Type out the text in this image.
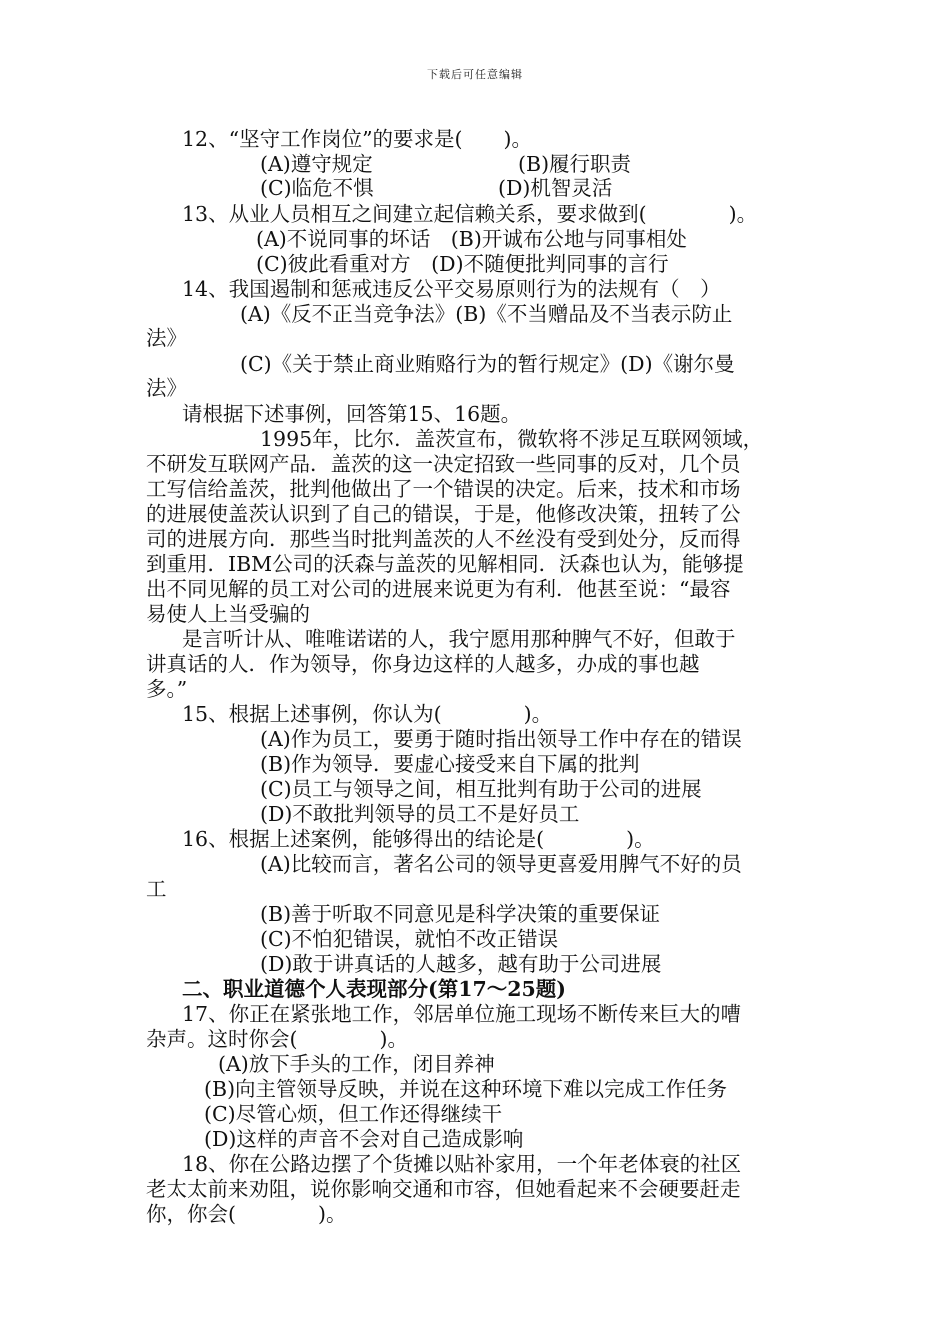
下载后可任意编辑
12、“坚守工作岗位”的要求是(　　)。
(A)遵守规定	(B)履行职责
(C)临危不惧	(D)机智灵活
13、从业人员相互之间建立起信赖关系，要求做到(　　　　)。
(A)不说同事的坏话　(B)开诚布公地与同事相处
(C)彼此看重对方　(D)不随便批判同事的言行
14、我国遏制和惩戒违反公平交易原则行为的法规有（　）
(A)《反不正当竞争法》(B)《不当赠品及不当表示防止
法》
(C)《关于禁止商业贿赂行为的暂行规定》(D)《谢尔曼
法》
请根据下述事例，回答第15、16题。
1995年，比尔．盖茨宣布，微软将不涉足互联网领域，
不研发互联网产品．盖茨的这一决定招致一些同事的反对，几个员
工写信给盖茨，批判他做出了一个错误的决定。后来，技术和市场
的进展使盖茨认识到了自己的错误，于是，他修改决策，扭转了公
司的进展方向．那些当时批判盖茨的人不丝没有受到处分，反而得
到重用．IBM公司的沃森与盖茨的见解相同．沃森也认为，能够提
出不同见解的员工对公司的进展来说更为有利．他甚至说：“最容
易使人上当受骗的
是言听计从、唯唯诺诺的人，我宁愿用那种脾气不好，但敢于
讲真话的人．作为领导，你身边这样的人越多，办成的事也越
多。”
15、根据上述事例，你认为(　　　　)。
(A)作为员工，要勇于随时指出领导工作中存在的错误
(B)作为领导．要虚心接受来自下属的批判
(C)员工与领导之间，相互批判有助于公司的进展
(D)不敢批判领导的员工不是好员工
16、根据上述案例，能够得出的结论是(　　　　)。
(A)比较而言，著名公司的领导更喜爱用脾气不好的员
工
(B)善于听取不同意见是科学决策的重要保证
(C)不怕犯错误，就怕不改正错误
(D)敢于讲真话的人越多，越有助于公司进展
二、职业道德个人表现部分(第17～25题)
17、你正在紧张地工作，邻居单位施工现场不断传来巨大的嘈
杂声。这时你会(　　　　)。
(A)放下手头的工作，闭目养神
(B)向主管领导反映，并说在这种环境下难以完成工作任务
(C)尽管心烦，但工作还得继续干
(D)这样的声音不会对自己造成影响
18、你在公路边摆了个货摊以贴补家用，一个年老体衰的社区
老太太前来劝阻，说你影响交通和市容，但她看起来不会硬要赶走
你，你会(　　　　)。
